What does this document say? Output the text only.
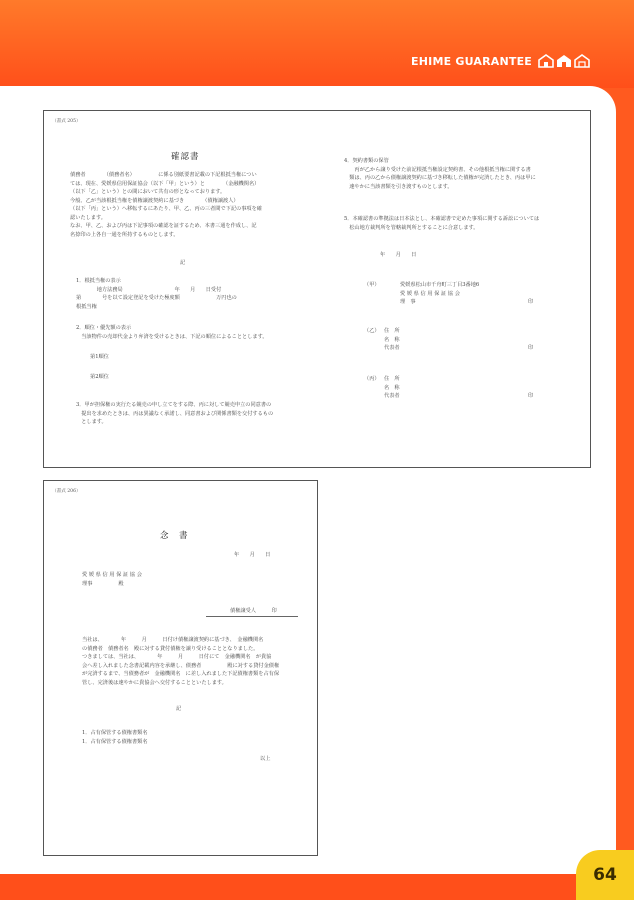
EHIME GUARANTEE
（書式 205）
確認書

債務者　　　　（債務者名）　　　　　に係る別紙要書記載の下記根抵当権につい

ては、現在、愛媛県信用保証協会（以下「甲」という）と　　　　（金融機関名）

（以下「乙」という）との間において共有の形となっております。

今般、乙が当該根抵当権を債権譲渡契約に基づき　　　　（債権譲渡人）

（以下「丙」という）へ移転するにあたり、甲、乙、丙の三者間で下記の事項を確

認いたします。

なお、甲、乙、および丙は下記事項の確認を証するため、本書三通を作成し、記

名捺印の上各自一通を所持するものとします。

記

1．根抵当権の表示

　　　　地方法務局　　　　　　　　　　年　　月　　日受付

第　　　　号を以て設定登記を受けた極度額　　　　　　　万円也の

根抵当権

2．順位・優先額の表示

　当該物件の売却代金より弁済を受けるときは、下記の順位によることとします。

第1順位
第2順位

3．甲が担保権の実行たる競売の申し立てをする際、丙に対して競売申立の同意書の

　提出を求めたときは、丙は異議なく承諾し、同意書および関係書類を交付するもの

　とします。

4．契約書類の保管

　　丙が乙から譲り受けた前記根抵当権設定契約書、その他根抵当権に関する書

　類は、丙の乙から債権譲渡契約に基づき移転した債権が完済したとき、丙は甲に

　速やかに当該書類を引き渡すものとします。

5．本確認書の準拠法は日本法とし、本確認書で定めた事項に関する訴訟については

　松山地方裁判所を管轄裁判所とすることに合意します。

年　　月　　日
（甲）	愛媛県松山市千舟町三丁目3番地6

愛 媛 県 信 用 保 証 協 会

理　事	印
（乙） 住　所

名　称

代表者	印
（丙） 住　所

名　称

代表者	印
（書式 206）
念　書
年　　月　　日

愛 媛 県 信 用 保 証 協 会

理事　　　　　殿

債権譲受人　　　印

当社は、　　　　年　　　月　　　日付け債権譲渡契約に基づき、　金融機関名

の債務者　債務者名　殿に対する貸付債権を譲り受けることとなりました。

つきましては、当社は、　　　　年　　　月　　　日付にて　金融機関名　が貴協

会へ差し入れました念書記載内容を承継し、債務者　　　　　殿に対する貸付金債権

が完済するまで、当債務者が　金融機関名　に差し入れました下記債権書類を占有保

管し、完済後は速やかに貴協会へ交付することといたします。

記

1．占有保管する債権書類名

1．占有保管する債権書類名

以上
64
